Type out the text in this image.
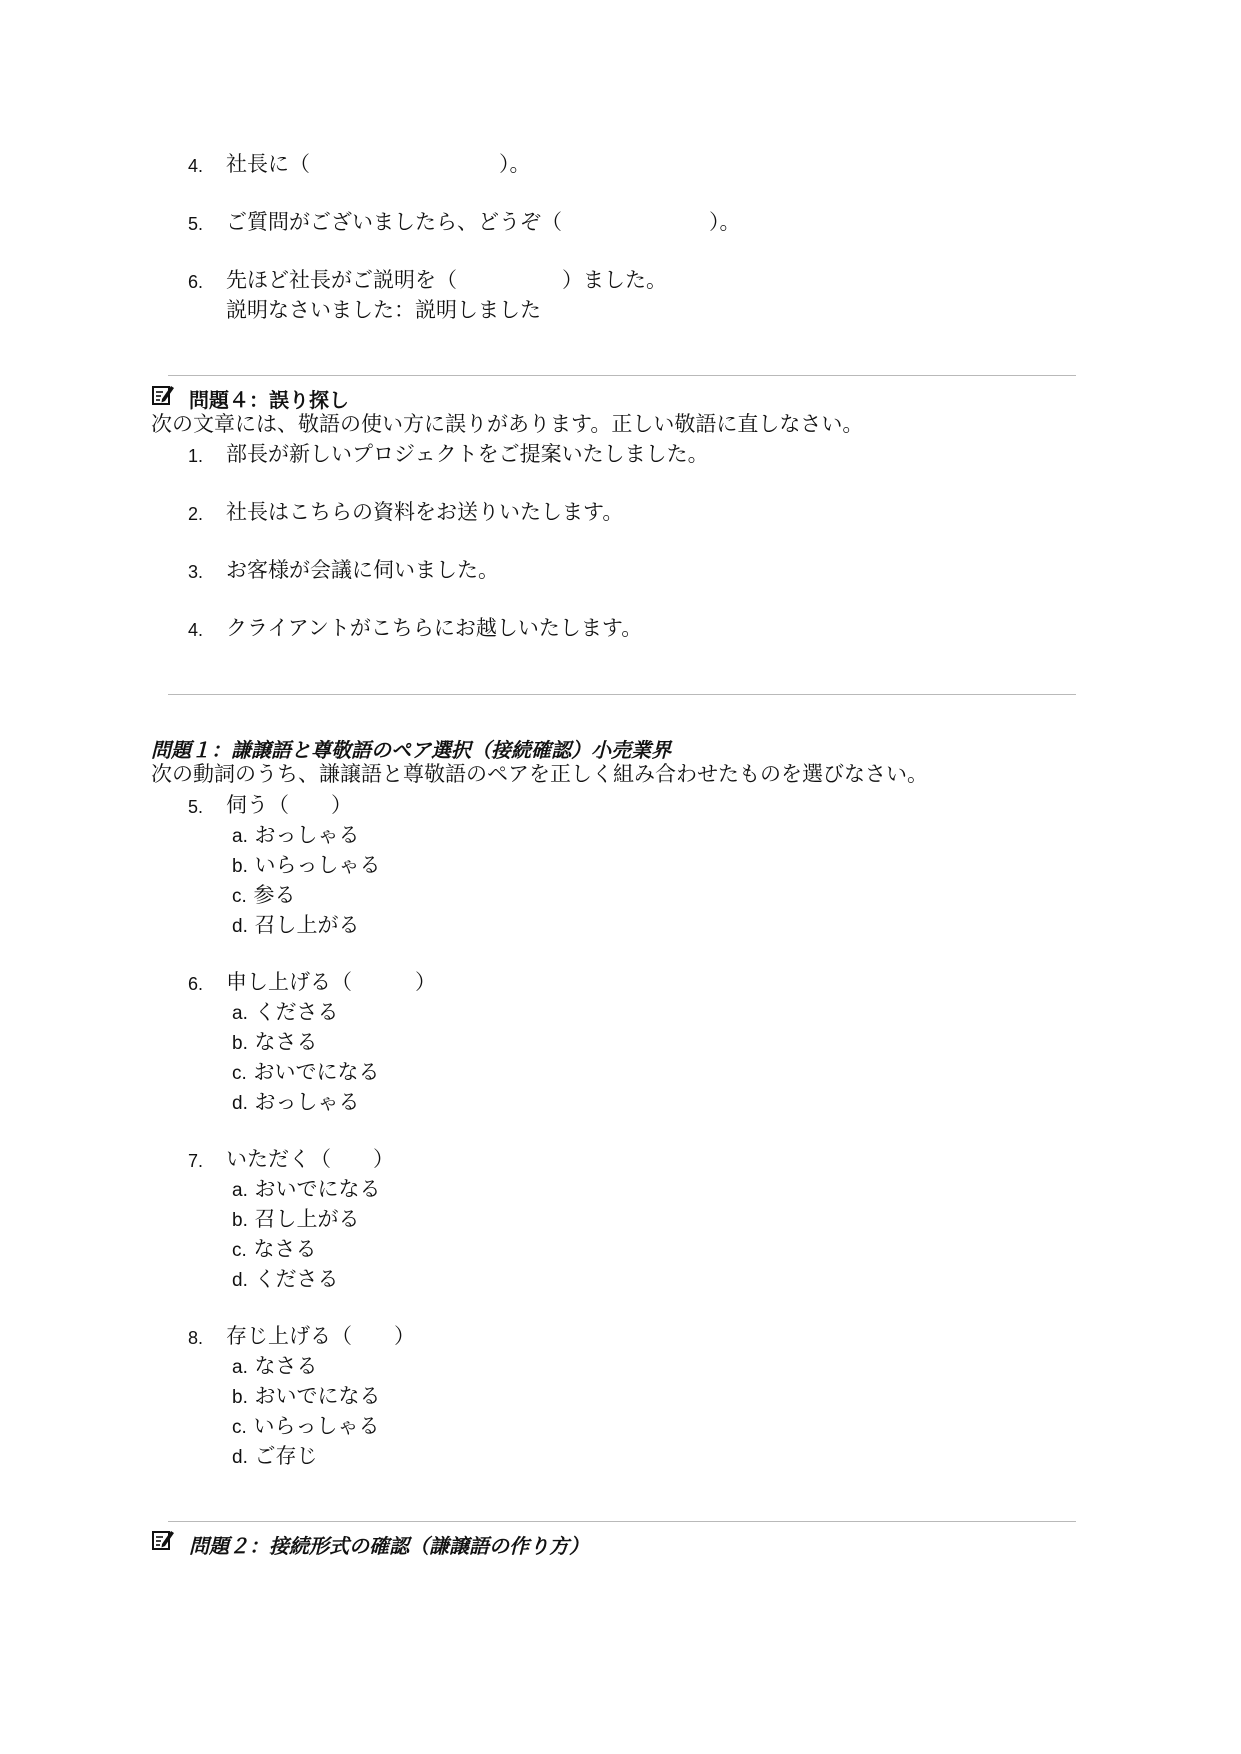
4. 社長に（　　　　　　　　　）。
5. ご質問がございましたら、どうぞ（　　　　　　　）。
6. 先ほど社長がご説明を（　　　　　）ました。
説明なさいました：説明しました
問題４：誤り探し
次の文章には、敬語の使い方に誤りがあります。正しい敬語に直しなさい。
1. 部長が新しいプロジェクトをご提案いたしました。
2. 社長はこちらの資料をお送りいたします。
3. お客様が会議に伺いました。
4. クライアントがこちらにお越しいたします。
問題１：謙譲語と尊敬語のペア選択（接続確認）小売業界
次の動詞のうち、謙譲語と尊敬語のペアを正しく組み合わせたものを選びなさい。
5. 伺う（　　）
a. おっしゃる
b. いらっしゃる
c. 参る
d. 召し上がる
6. 申し上げる（　　　）
a. くださる
b. なさる
c. おいでになる
d. おっしゃる
7. いただく（　　）
a. おいでになる
b. 召し上がる
c. なさる
d. くださる
8. 存じ上げる（　　）
a. なさる
b. おいでになる
c. いらっしゃる
d. ご存じ
問題２：接続形式の確認（謙譲語の作り方）
